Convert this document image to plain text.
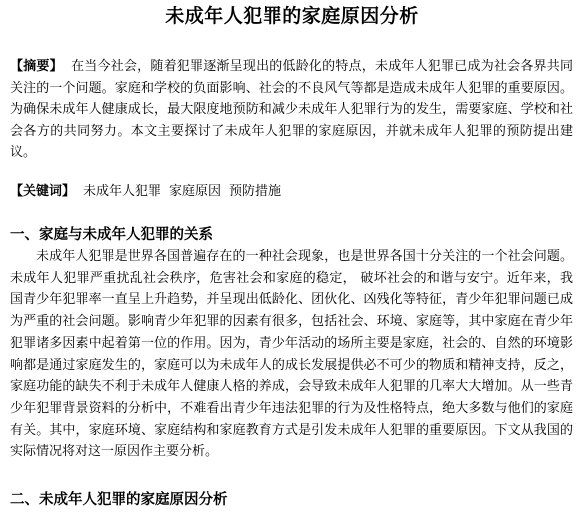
未成年人犯罪的家庭原因分析
【摘要】 在当今社会，随着犯罪逐渐呈现出的低龄化的特点，未成年人犯罪已成为社会各界共同关注的一个问题。家庭和学校的负面影响、社会的不良风气等都是造成未成年人犯罪的重要原因。为确保未成年人健康成长，最大限度地预防和减少未成年人犯罪行为的发生，需要家庭、学校和社会各方的共同努力。本文主要探讨了未成年人犯罪的家庭原因，并就未成年人犯罪的预防提出建议。
【关键词】 未成年人犯罪 家庭原因 预防措施
一、家庭与未成年人犯罪的关系
未成年人犯罪是世界各国普遍存在的一种社会现象，也是世界各国十分关注的一个社会问题。未成年人犯罪严重扰乱社会秩序，危害社会和家庭的稳定， 破坏社会的和谐与安宁。近年来，我国青少年犯罪率一直呈上升趋势，并呈现出低龄化、团伙化、凶残化等特征，青少年犯罪问题已成为严重的社会问题。影响青少年犯罪的因素有很多，包括社会、环境、家庭等，其中家庭在青少年犯罪诸多因素中起着第一位的作用。因为，青少年活动的场所主要是家庭，社会的、自然的环境影响都是通过家庭发生的，家庭可以为未成年人的成长发展提供必不可少的物质和精神支持，反之，家庭功能的缺失不利于未成年人健康人格的养成，会导致未成年人犯罪的几率大大增加。从一些青少年犯罪背景资料的分析中，不难看出青少年违法犯罪的行为及性格特点，绝大多数与他们的家庭有关。其中，家庭环境、家庭结构和家庭教育方式是引发未成年人犯罪的重要原因。下文从我国的实际情况将对这一原因作主要分析。
二、未成年人犯罪的家庭原因分析
